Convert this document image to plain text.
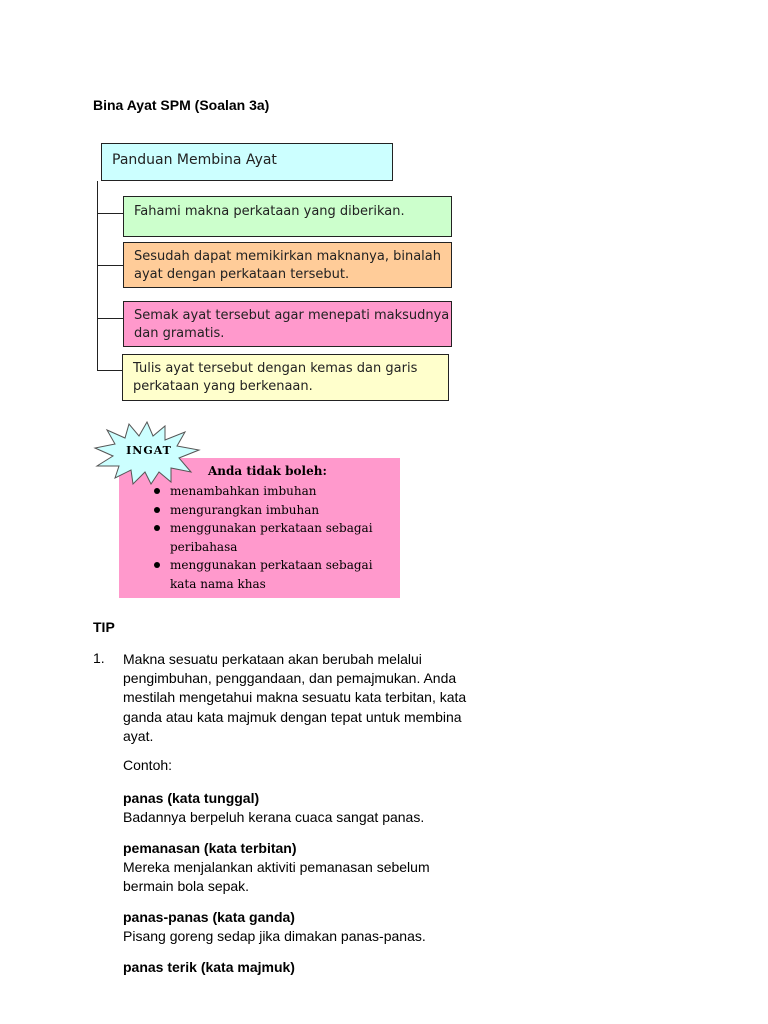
Bina Ayat SPM (Soalan 3a)
Panduan Membina Ayat
Fahami makna perkataan yang diberikan.
Sesudah dapat memikirkan maknanya, binalah ayat dengan perkataan tersebut.
Semak ayat tersebut agar menepati maksudnya dan gramatis.
Tulis ayat tersebut dengan kemas dan garis perkataan yang berkenaan.
INGAT
Anda tidak boleh:
menambahkan imbuhan
mengurangkan imbuhan
menggunakan perkataan sebagai peribahasa
menggunakan perkataan sebagai kata nama khas
TIP
1. Makna sesuatu perkataan akan berubah melalui pengimbuhan, penggandaan, dan pemajmukan. Anda mestilah mengetahui makna sesuatu kata terbitan, kata ganda atau kata majmuk dengan tepat untuk membina ayat.
Contoh:
panas (kata tunggal)
Badannya berpeluh kerana cuaca sangat panas.
pemanasan (kata terbitan)
Mereka menjalankan aktiviti pemanasan sebelum bermain bola sepak.
panas-panas (kata ganda)
Pisang goreng sedap jika dimakan panas-panas.
panas terik (kata majmuk)
